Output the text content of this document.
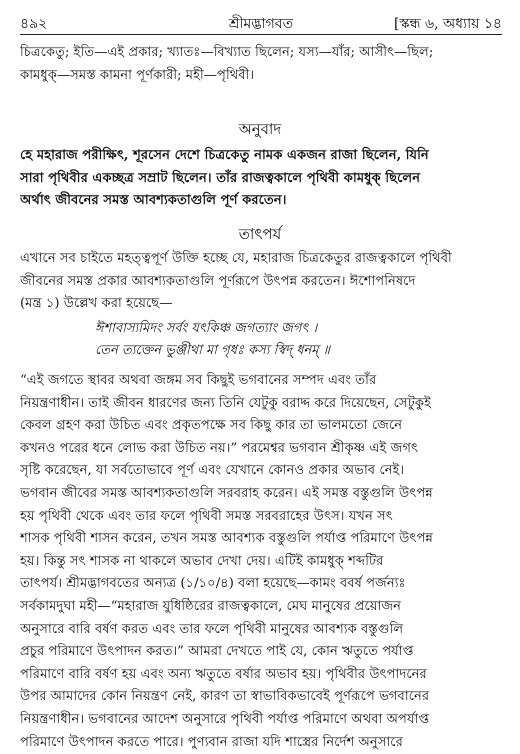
৪৯২	শ্রীমদ্ভাগবত	[স্কন্ধ ৬, অধ্যায় ১৪
চিত্রকেতু; ইতি—এই প্রকার; খ্যাতঃ—বিখ্যাত ছিলেন; যস্য—যাঁর; আসীৎ—ছিল;
কামধুক্—সমস্ত কামনা পূর্ণকারী; মহী—পৃথিবী।
অনুবাদ
হে মহারাজ পরীক্ষিৎ, শূরসেন দেশে চিত্রকেতু নামক একজন রাজা ছিলেন, যিনি
সারা পৃথিবীর একচ্ছত্র সম্রাট ছিলেন। তাঁর রাজত্বকালে পৃথিবী কামধুক্ ছিলেন
অর্থাৎ জীবনের সমস্ত আবশ্যকতাগুলি পূর্ণ করতেন।
তাৎপর্য
এখানে সব চাইতে মহত্ত্বপূর্ণ উক্তি হচ্ছে যে, মহারাজ চিত্রকেতুর রাজত্বকালে পৃথিবী
জীবনের সমস্ত প্রকার আবশ্যকতাগুলি পূর্ণরূপে উৎপন্ন করতেন। ঈশোপনিষদে
(মন্ত্র ১) উল্লেখ করা হয়েছে—
ঈশাবাস্যমিদং সর্বং যৎকিঞ্চ জগত্যাং জগৎ ।
তেন ত্যক্তেন ভুঞ্জীথা মা গৃধঃ কস্য স্বিদ্ ধনম্ ॥
“এই জগতে স্থাবর অথবা জঙ্গম সব কিছুই ভগবানের সম্পদ এবং তাঁর
নিয়ন্ত্রণাধীন। তাই জীবন ধারণের জন্য তিনি যেটুকু বরাদ্দ করে দিয়েছেন, সেটুকুই
কেবল গ্রহণ করা উচিত এবং প্রকৃতপক্ষে সব কিছু কার তা ভালমতো জেনে
কখনও পরের ধনে লোভ করা উচিত নয়।” পরমেশ্বর ভগবান শ্রীকৃষ্ণ এই জগৎ
সৃষ্টি করেছেন, যা সর্বতোভাবে পূর্ণ এবং যেখানে কোনও প্রকার অভাব নেই।
ভগবান জীবের সমস্ত আবশ্যকতাগুলি সরবরাহ করেন। এই সমস্ত বস্তুগুলি উৎপন্ন
হয় পৃথিবী থেকে এবং তার ফলে পৃথিবী সমস্ত সরবরাহের উৎস। যখন সৎ
শাসক পৃথিবী শাসন করেন, তখন সমস্ত আবশ্যক বস্তুগুলি পর্যাপ্ত পরিমাণে উৎপন্ন
হয়। কিন্তু সৎ শাসক না থাকলে অভাব দেখা দেয়। এটিই কামধুক্ শব্দটির
তাৎপর্য। শ্রীমদ্ভাগবতের অন্যত্র (১/১০/৪) বলা হয়েছে—কামং ববর্ষ পর্জন্যঃ
সর্বকামদুঘা মহী—“মহারাজ যুধিষ্ঠিরের রাজত্বকালে, মেঘ মানুষের প্রয়োজন
অনুসারে বারি বর্ষণ করত এবং তার ফলে পৃথিবী মানুষের আবশ্যক বস্তুগুলি
প্রচুর পরিমাণে উৎপাদন করত।” আমরা দেখতে পাই যে, কোন ঋতুতে পর্যাপ্ত
পরিমাণে বারি বর্ষণ হয় এবং অন্য ঋতুতে বর্ষার অভাব হয়। পৃথিবীর উৎপাদনের
উপর আমাদের কোন নিয়ন্ত্রণ নেই, কারণ তা স্বাভাবিকভাবেই পূর্ণরূপে ভগবানের
নিয়ন্ত্রণাধীন। ভগবানের আদেশ অনুসারে পৃথিবী পর্যাপ্ত পরিমাণে অথবা অপর্যাপ্ত
পরিমাণে উৎপাদন করতে পারে। পুণ্যবান রাজা যদি শাস্ত্রের নির্দেশ অনুসারে
